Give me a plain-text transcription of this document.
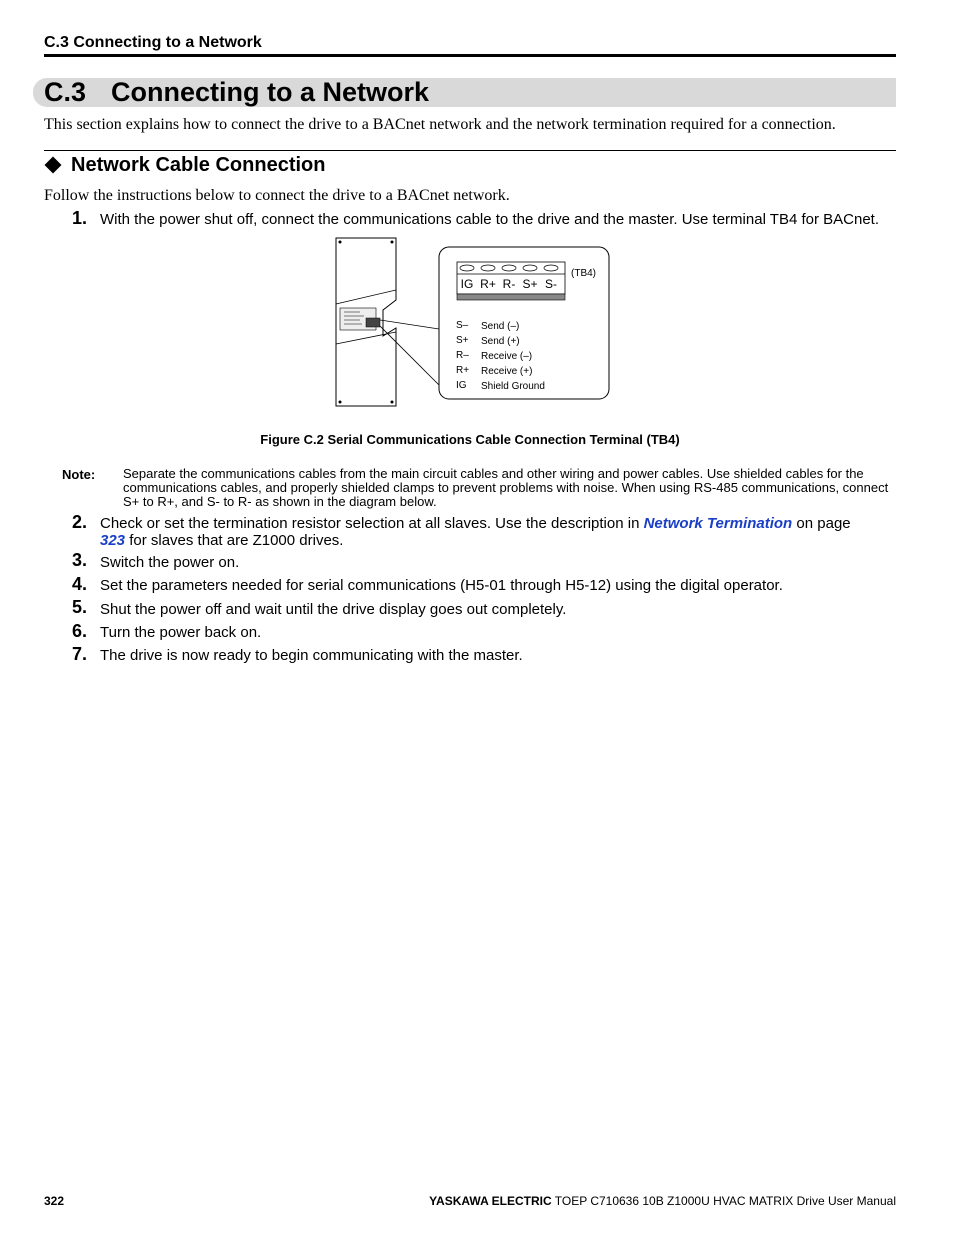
C.3 Connecting to a Network
C.3 Connecting to a Network
This section explains how to connect the drive to a BACnet network and the network termination required for a connection.
Network Cable Connection
Follow the instructions below to connect the drive to a BACnet network.
1. With the power shut off, connect the communications cable to the drive and the master. Use terminal TB4 for BACnet.
IG R+ R- S+ S-
(TB4)
S– Send (–)
S+ Send (+)
R– Receive (–)
R+ Receive (+)
IG Shield Ground
Figure C.2 Serial Communications Cable Connection Terminal (TB4)
Note: Separate the communications cables from the main circuit cables and other wiring and power cables. Use shielded cables for the communications cables, and properly shielded clamps to prevent problems with noise. When using RS-485 communications, connect S+ to R+, and S- to R- as shown in the diagram below.
2. Check or set the termination resistor selection at all slaves. Use the description in Network Termination on page
323 for slaves that are Z1000 drives.
3. Switch the power on.
4. Set the parameters needed for serial communications (H5-01 through H5-12) using the digital operator.
5. Shut the power off and wait until the drive display goes out completely.
6. Turn the power back on.
7. The drive is now ready to begin communicating with the master.
322	YASKAWA ELECTRIC TOEP C710636 10B Z1000U HVAC MATRIX Drive User Manual
